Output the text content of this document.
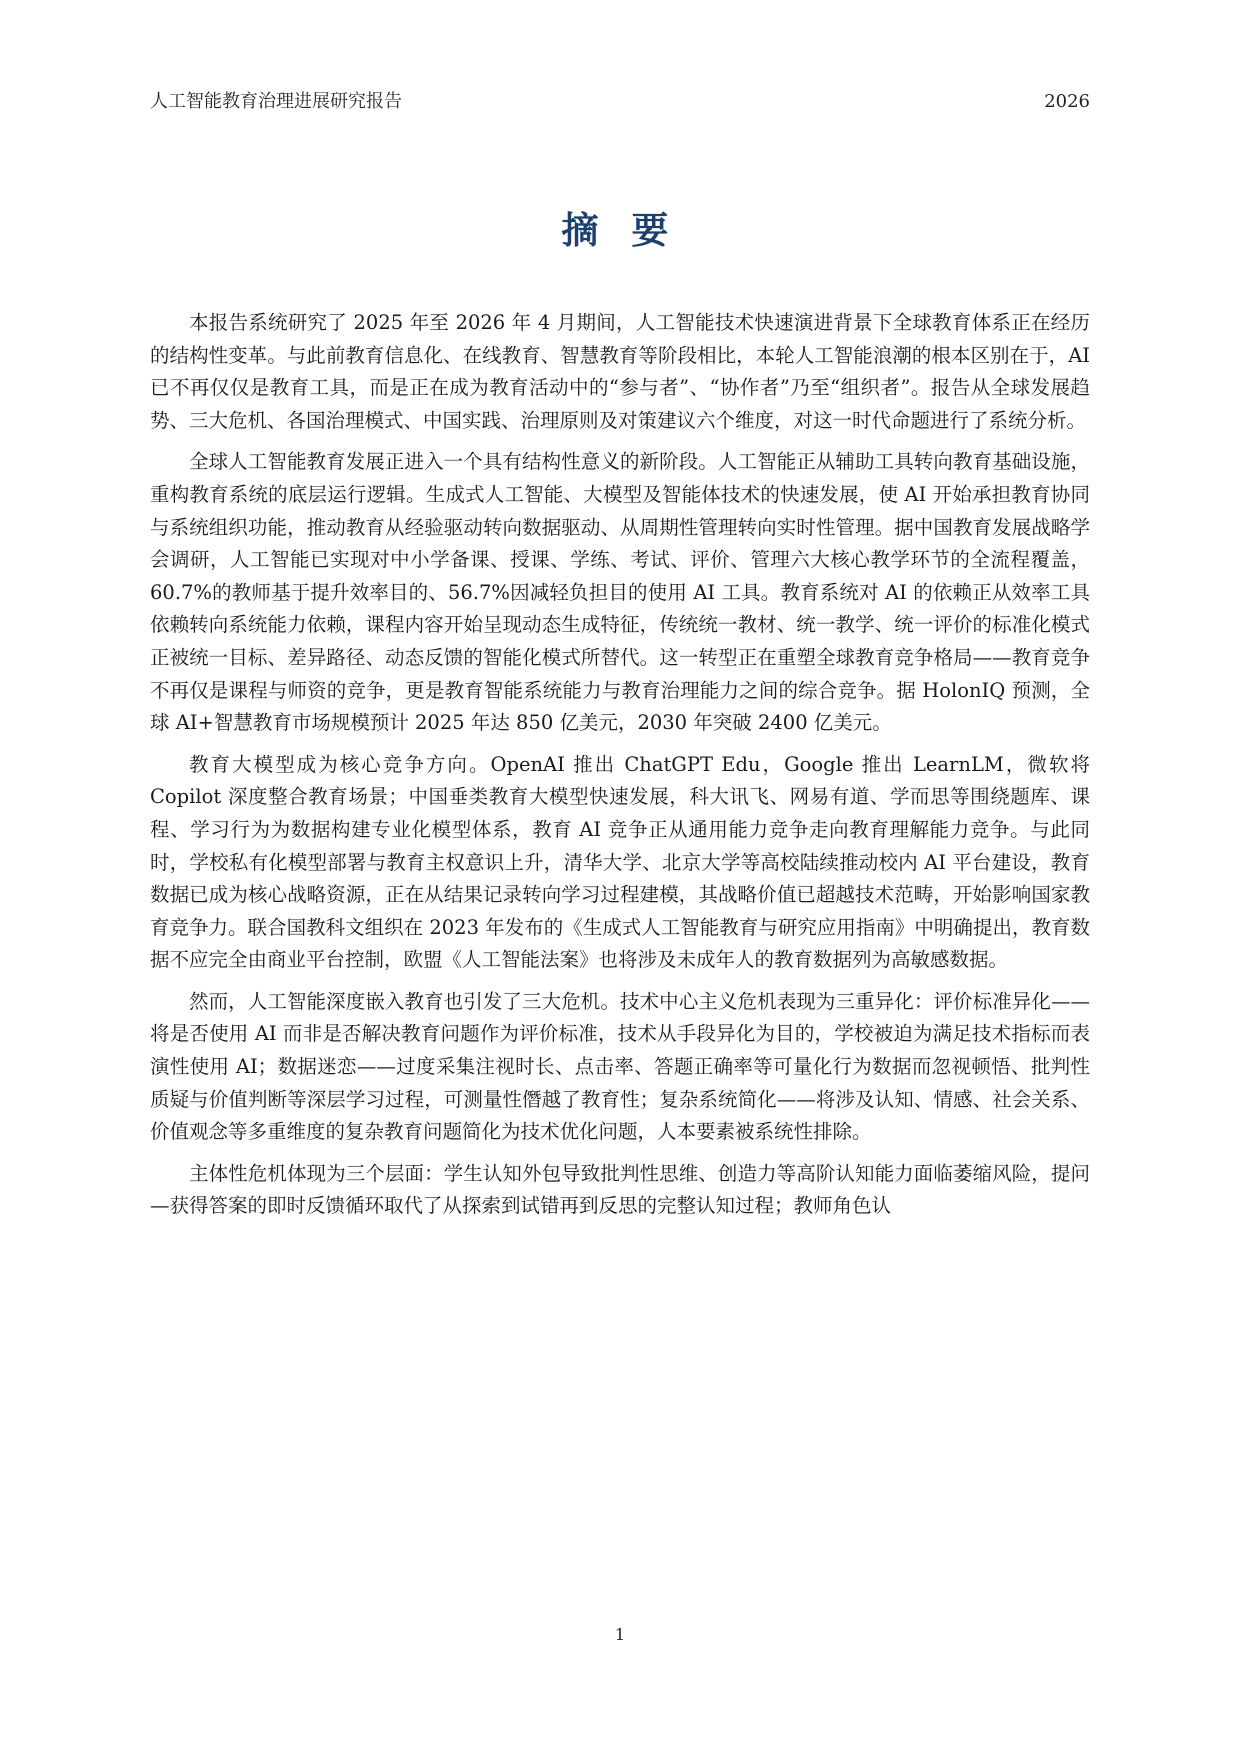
人工智能教育治理进展研究报告	2026
摘 要

本报告系统研究了 2025 年至 2026 年 4 月期间，人工智能技术快速演进背景下全球教育体系正在经历的结构性变革。与此前教育信息化、在线教育、智慧教育等阶段相比，本轮人工智能浪潮的根本区别在于，AI 已不再仅仅是教育工具，而是正在成为教育活动中的“参与者”、“协作者”乃至“组织者”。报告从全球发展趋势、三大危机、各国治理模式、中国实践、治理原则及对策建议六个维度，对这一时代命题进行了系统分析。

全球人工智能教育发展正进入一个具有结构性意义的新阶段。人工智能正从辅助工具转向教育基础设施，重构教育系统的底层运行逻辑。生成式人工智能、大模型及智能体技术的快速发展，使 AI 开始承担教育协同与系统组织功能，推动教育从经验驱动转向数据驱动、从周期性管理转向实时性管理。据中国教育发展战略学会调研，人工智能已实现对中小学备课、授课、学练、考试、评价、管理六大核心教学环节的全流程覆盖，60.7%的教师基于提升效率目的、56.7%因减轻负担目的使用 AI 工具。教育系统对 AI 的依赖正从效率工具依赖转向系统能力依赖，课程内容开始呈现动态生成特征，传统统一教材、统一教学、统一评价的标准化模式正被统一目标、差异路径、动态反馈的智能化模式所替代。这一转型正在重塑全球教育竞争格局——教育竞争不再仅是课程与师资的竞争，更是教育智能系统能力与教育治理能力之间的综合竞争。据 HolonIQ 预测，全球 AI+智慧教育市场规模预计 2025 年达 850 亿美元，2030 年突破 2400 亿美元。

教育大模型成为核心竞争方向。OpenAI 推出 ChatGPT Edu，Google 推出 LearnLM，微软将 Copilot 深度整合教育场景；中国垂类教育大模型快速发展，科大讯飞、网易有道、学而思等围绕题库、课程、学习行为为数据构建专业化模型体系，教育 AI 竞争正从通用能力竞争走向教育理解能力竞争。与此同时，学校私有化模型部署与教育主权意识上升，清华大学、北京大学等高校陆续推动校内 AI 平台建设，教育数据已成为核心战略资源，正在从结果记录转向学习过程建模，其战略价值已超越技术范畴，开始影响国家教育竞争力。联合国教科文组织在 2023 年发布的《生成式人工智能教育与研究应用指南》中明确提出，教育数据不应完全由商业平台控制，欧盟《人工智能法案》也将涉及未成年人的教育数据列为高敏感数据。

然而，人工智能深度嵌入教育也引发了三大危机。技术中心主义危机表现为三重异化：评价标准异化——将是否使用 AI 而非是否解决教育问题作为评价标准，技术从手段异化为目的，学校被迫为满足技术指标而表演性使用 AI；数据迷恋——过度采集注视时长、点击率、答题正确率等可量化行为数据而忽视顿悟、批判性质疑与价值判断等深层学习过程，可测量性僭越了教育性；复杂系统简化——将涉及认知、情感、社会关系、价值观念等多重维度的复杂教育问题简化为技术优化问题，人本要素被系统性排除。

主体性危机体现为三个层面：学生认知外包导致批判性思维、创造力等高阶认知能力面临萎缩风险，提问—获得答案的即时反馈循环取代了从探索到试错再到反思的完整认知过程；教师角色认

1
